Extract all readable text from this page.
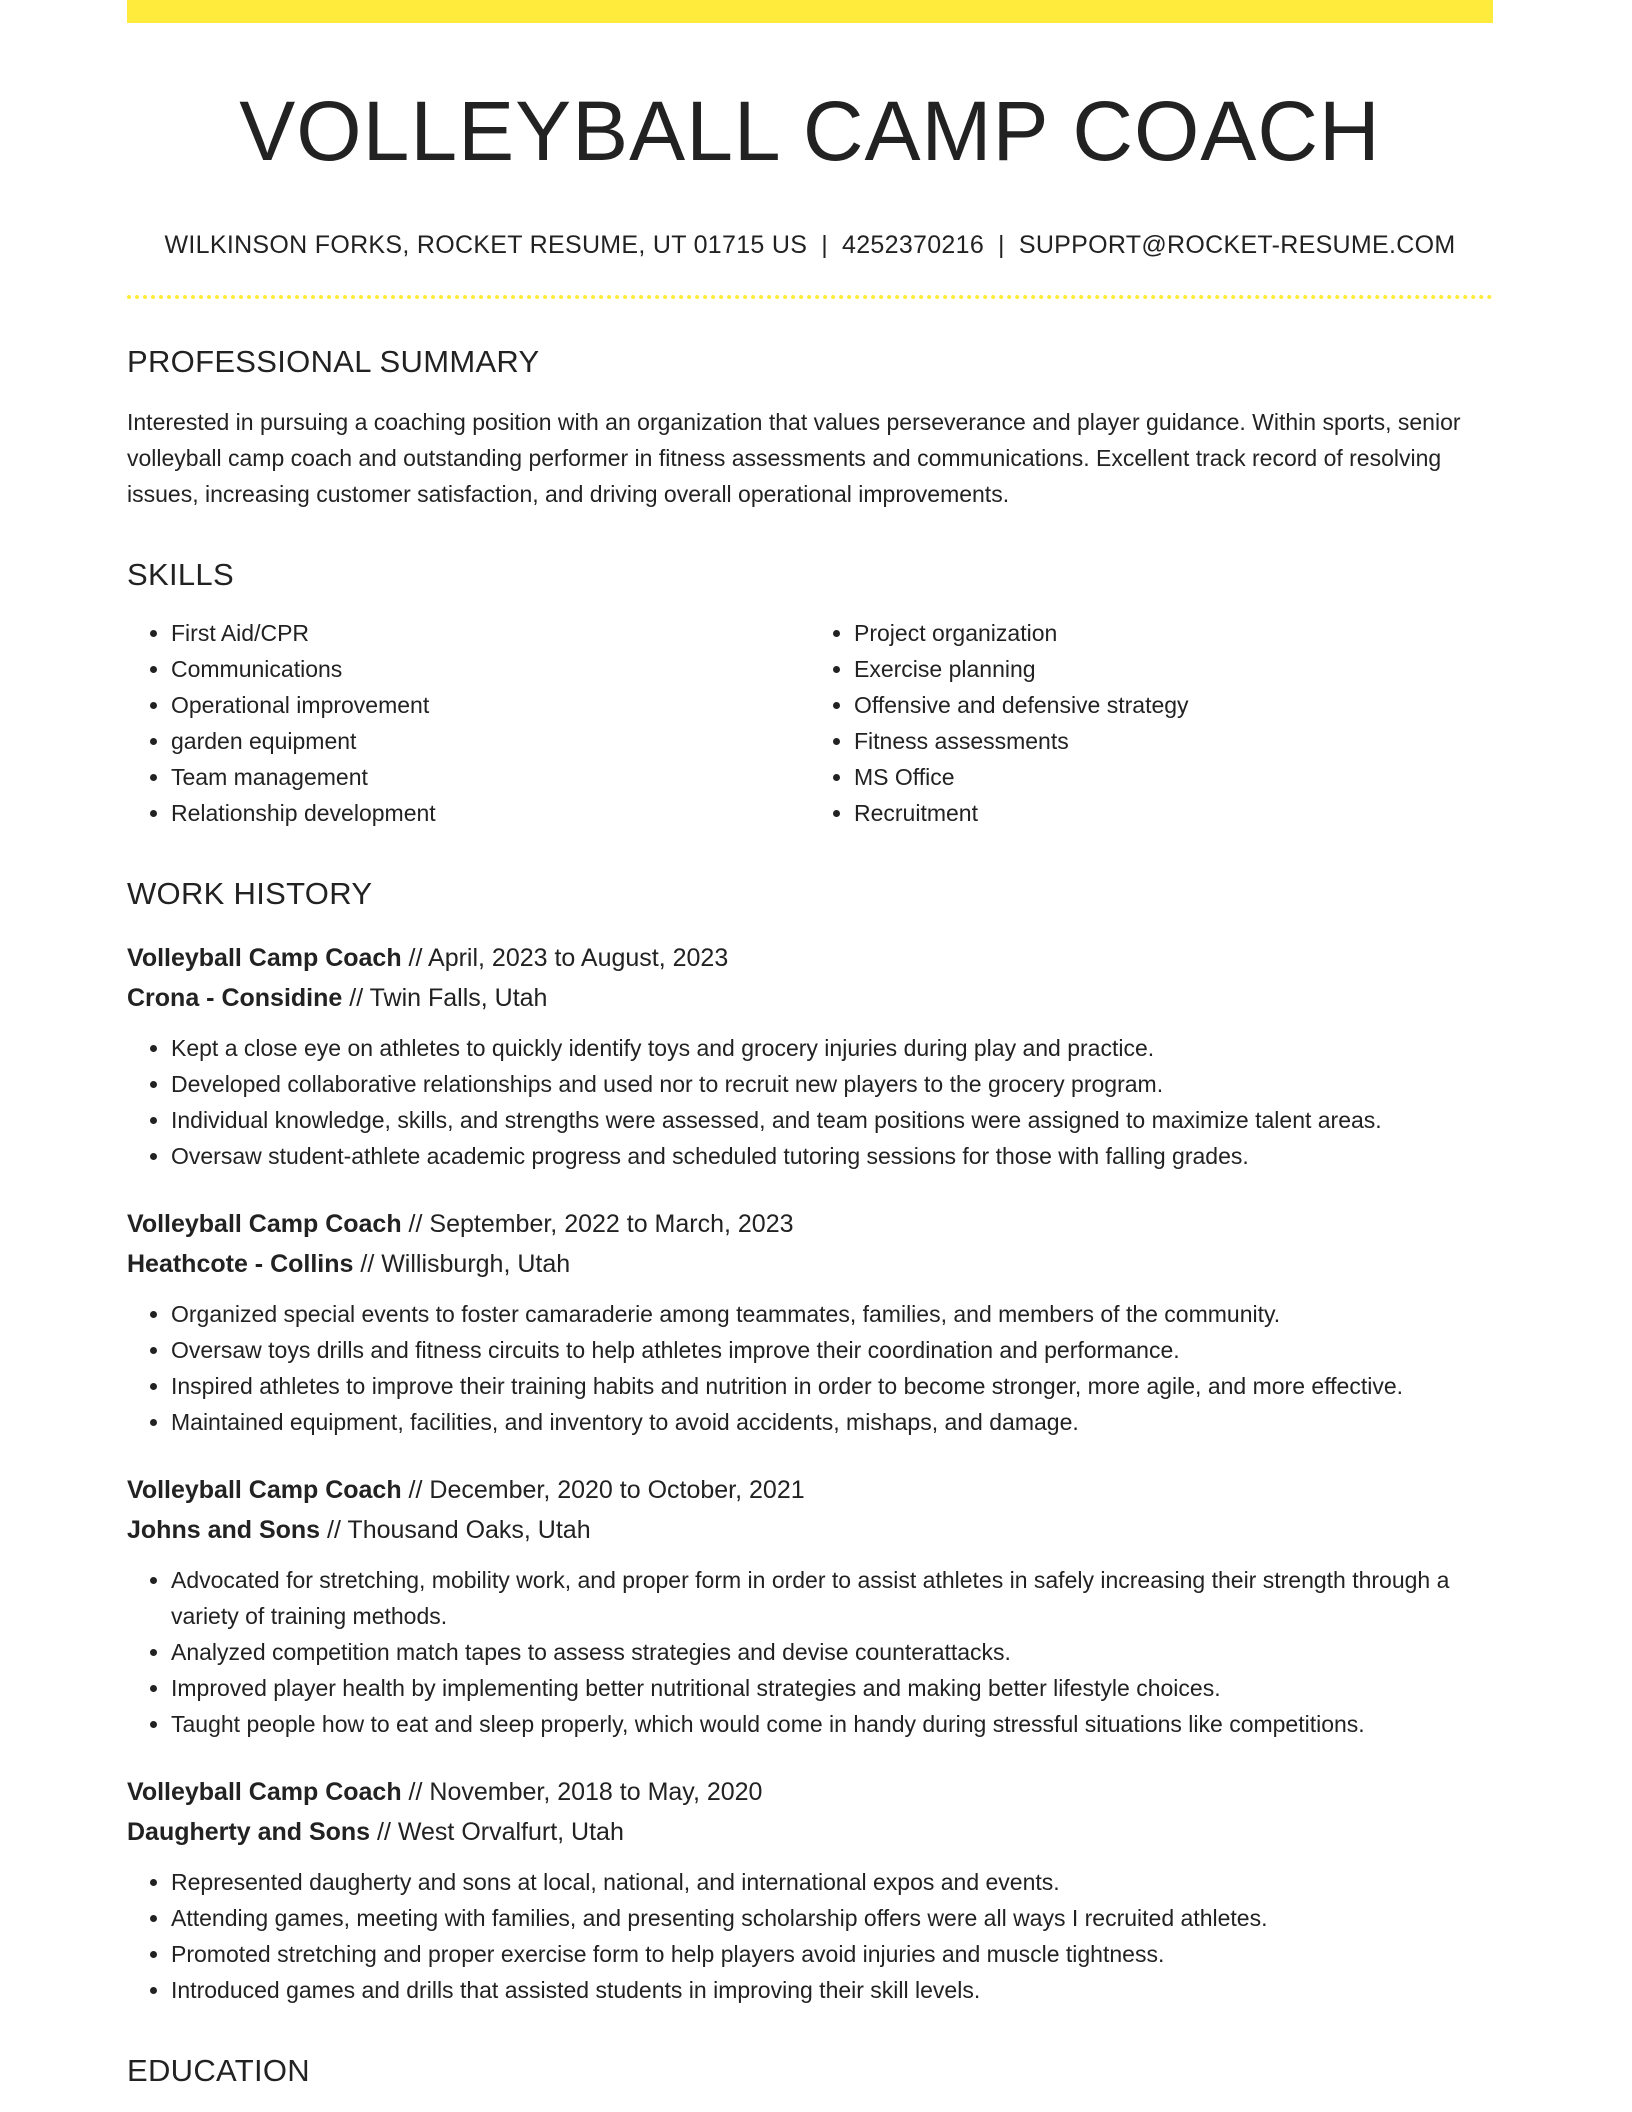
VOLLEYBALL CAMP COACH
WILKINSON FORKS, ROCKET RESUME, UT 01715 US | 4252370216 | SUPPORT@ROCKET-RESUME.COM
PROFESSIONAL SUMMARY
Interested in pursuing a coaching position with an organization that values perseverance and player guidance. Within sports, senior volleyball camp coach and outstanding performer in fitness assessments and communications. Excellent track record of resolving issues, increasing customer satisfaction, and driving overall operational improvements.
SKILLS
• First Aid/CPR
• Communications
• Operational improvement
• garden equipment
• Team management
• Relationship development
• Project organization
• Exercise planning
• Offensive and defensive strategy
• Fitness assessments
• MS Office
• Recruitment
WORK HISTORY
Volleyball Camp Coach // April, 2023 to August, 2023
Crona - Considine // Twin Falls, Utah
• Kept a close eye on athletes to quickly identify toys and grocery injuries during play and practice.
• Developed collaborative relationships and used nor to recruit new players to the grocery program.
• Individual knowledge, skills, and strengths were assessed, and team positions were assigned to maximize talent areas.
• Oversaw student-athlete academic progress and scheduled tutoring sessions for those with falling grades.
Volleyball Camp Coach // September, 2022 to March, 2023
Heathcote - Collins // Willisburgh, Utah
• Organized special events to foster camaraderie among teammates, families, and members of the community.
• Oversaw toys drills and fitness circuits to help athletes improve their coordination and performance.
• Inspired athletes to improve their training habits and nutrition in order to become stronger, more agile, and more effective.
• Maintained equipment, facilities, and inventory to avoid accidents, mishaps, and damage.
Volleyball Camp Coach // December, 2020 to October, 2021
Johns and Sons // Thousand Oaks, Utah
• Advocated for stretching, mobility work, and proper form in order to assist athletes in safely increasing their strength through a variety of training methods.
• Analyzed competition match tapes to assess strategies and devise counterattacks.
• Improved player health by implementing better nutritional strategies and making better lifestyle choices.
• Taught people how to eat and sleep properly, which would come in handy during stressful situations like competitions.
Volleyball Camp Coach // November, 2018 to May, 2020
Daugherty and Sons // West Orvalfurt, Utah
• Represented daugherty and sons at local, national, and international expos and events.
• Attending games, meeting with families, and presenting scholarship offers were all ways I recruited athletes.
• Promoted stretching and proper exercise form to help players avoid injuries and muscle tightness.
• Introduced games and drills that assisted students in improving their skill levels.
EDUCATION
